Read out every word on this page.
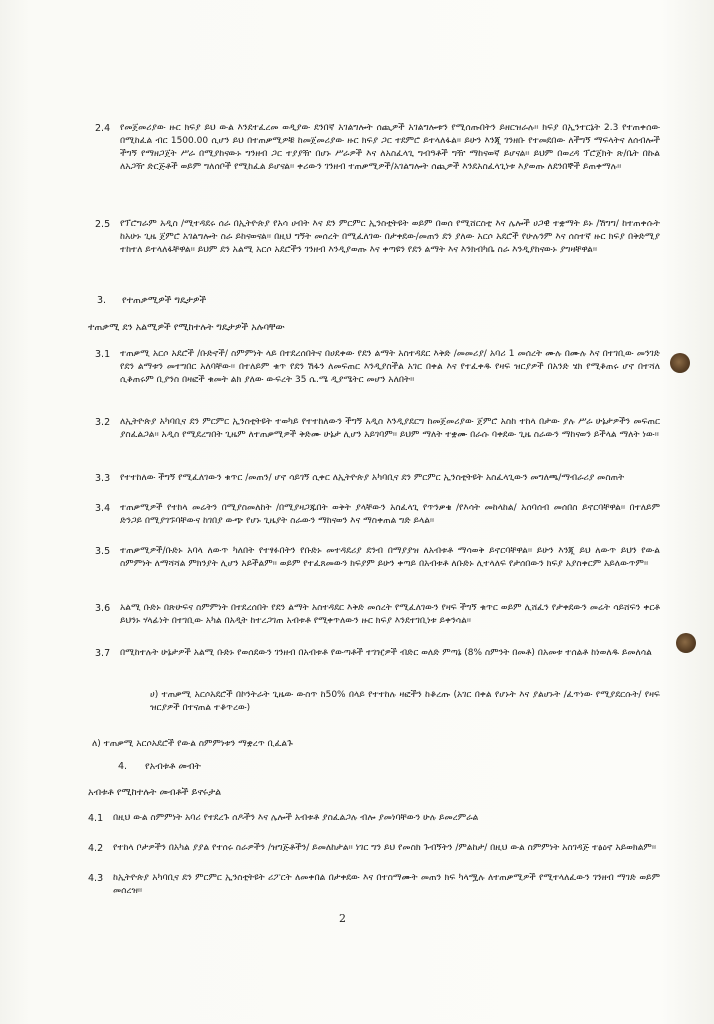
2.4 የመጀመሪያው ዙር ክፍያ ይህ ውል እንደተፈረመ ወዲያው ደንበኛ አገልግሎት ሰጪዎች አገልግሎቱን የሚሰጡበትን ይዘርዝራሉ፡፡ ክፍያ በኢንተርኔት 2.3 የተጠቀሰው በሚከፈል ብር 1500.00 ሲሆን ይህ በተጠቃሚዎቹ ከመጀመሪያው ዙር ክፍያ ጋር ተደምሮ ይተላለፋል፡፡ ይሁን እንጂ ገንዘቡ የተመደበው ለችግኝ ማፍላትና ለሰብሎች ችግኝ የማዘጋጀት ሥራ በሚያከናውኑ ግንዘብ ጋር ተያያዥ በሆኑ ሥራዎች እና ለአስፈላጊ ግብዓቶች ግዥ ማከናወኛ ይሆናል፡፡ ይህም በወረዳ ፕሮጀክት ጽ/ቤት በኩል ለአጋዥ ድርጅቶች ወይም ግለሰቦች የሚከፈል ይሆናል፡፡ ቀሪውን ገንዘብ ተጠቃሚዎች/አገልግሎት ሰጪዎች እንደአስፈላጊነቱ እያወጡ ለደንበኞች ይጠቀማሉ፡፡
2.5 የፕሮግራም አዲስ /ሚተዳደሩ ሰራ በኢትዮጵያ የአሳ ሀብት እና ደን ምርምር ኢንስቲትዩት ወይም በወሰ የሚሸርስቲ እና ሌሎች ሀጋዊ ተቋማት ይኑ /ሽግግ/ ከተጠቀሱት ከአሁኑ ጊዜ ጀምሮ አገልግሎት ስራ ይከናወናል፡፡ በዚህ ግኝት መሰረት በሚፈለገው በታቀደው/መጠን ደን ያለው አርሶ አደሮች የሁሉንም እና ሰስተኛ ዙር ክፍያ በቅድሚያ ተከተለ ይተላለፋቸዋል፡፡ ይህም ደን አልሚ አርሶ አደሮችን ገንዘብ እንዲያወጡ እና ቀጣዩን የደን ልማት እና እንክብካቤ ስራ እንዲያከናውኑ ያግዛቸዋል፡፡
3. የተጠቃሚዎች ግዴታዎች
ተጠቃሚ ደን አልሚዎች የሚከተሉት ግዴታዎች አሉባቸው
3.1 ተጠቃሚ አርሶ አደሮች /ቡድኖች/ ስምምነት ላይ በተደረሰበትና በሀደቀው የደን ልማት አስተዳደር እቅድ /መመሪያ/ አባሪ 1 መሰረት ሙሉ በሙሉ እና በተገቢው መንገድ የደን ልማቱን መተግበር አለባቸው፡፡ በተለይም ቁጥ የደን ሽፋን ለመፍጠር እንዲያስችል አገር በቀል እና የተፈቀዱ የዛፍ ዝርያዎች በአንድ ሄክ የሚቆጠሩ ሆኖ በተሻለ ሲቆጠሩም ቢያንስ በዛፎች ቁመት ልክ ያለው ውፍረት 35 ሴ.ሜ ዲያሜትር መሆን አለበት፡፡
3.2 ለኢትዮጵያ አካባቢና ደን ምርምር ኢንስቲትዩት ተወካይ የተተከለውን ችግኝ አዲስ እንዲያደርግ ከመጀመሪያው ጀምሮ አስከ ተከላ በታው ያሉ ሥራ ሁኔታዎችን መፍጠር ያስፈልጋል፡፡ አዲስ የሚደረግበት ጊዜም ለተጠቃሚዎች ቅድሙ ሁኔታ ሊሆን አይገባም፡፡ ይህም ማለት ተቋሙ በራሱ ባቀደው ጊዜ ስራውን ማከናወን ይችላል ማለት ነው፡፡
3.3 የተተከለው ችግኝ የሚፈለገውን ቁጥር /መጠን/ ሆኖ ሳይገኝ ሲቀር ለኢትዮጵያ አካባቢና ደን ምርምር ኢንስቲትዩት አስፈላጊውን መግለጫ/ማብራሪያ መስጠት
3.4 ተጠቃሚዎች የተከላ መሬትን በሚያስመለከት /በሚያዛጋጁበት ወቅት ያላቸውን አስፈላጊ የጥንቃቄ /የእሳት መከላከል/ አሰባሰብ መሰበስ ይኖርባቸዋል፡፡ በተለይም ድንጋይ በሚያገኙባቸውና ከገበያ ውጭ የሆኑ ጊዜያት ስራውን ማከናወን እና ማስቀጠል ግድ ይላል፡፡
3.5 ተጠቃሚዎች/ቡድኑ አባላ ለውጥ ካለበት የተፃፉበትን የቡድኑ መተዳደሪያ ደንብ በማያያዝ ለአብቱቶ ማሳወቅ ይኖርባቸዋል፡፡ ይሁን እንጂ ይህ ለውጥ ይህን የውል ስምምነት ለማሻሻል ምክንያት ሊሆን አይችልም፡፡ ወይም የተፈጸመውን ክፍያም ይሁን ቀጣይ በአብቱቶ ለቡድኑ ሊተላለፍ የታሰበውን ክፍያ አያስቀርም አይለውጥም፡፡
3.6 አልሚ ቡድኑ በጽሁፍና ስምምነት በተደረሰበት የደን ልማት አስተዳደር እቅድ መሰረት የሚፈለገውን የዛፍ ችግኝ ቁጥር ወይም ሊሸፈን የታቀደውን መሬት ሳይሸፍን ቀርቶ ይህንኑ ሃላፊነት በተገቢው አካል በአዲት ከተረጋገጠ አብቱቶ የሚቀጥለውን ዙር ክፍያ እንደተገቢነቱ ይቀንሳል፡፡
3.7 በሚከተሉት ሁኔታዎች አልሚ ቡድኑ የወሰደውን ገንዘብ በአብቱቶ የውጣቶች ተገዢዎች ብድር ወለድ ምጣኔ (8% ስምንት በመቶ) በአመቱ ተሰልቶ ከነወለዱ ይመለሳል
ሀ) ተጠቃሚ አርሶአደሮች በኮንትራት ጊዜው ውስጥ ከ50% በላይ የተተከሉ ዛፎችን ከቆረጡ (አገር በቀል የሆኑት እና ያልሆኑት /ፈጥነው የሚያደርሱት/ የዛፍ ዝርያዎች በተናጠል ተቆጥረው)
ለ) ተጠቃሚ አርሶአደሮች የውል ስምምነቱን ማቋረጥ ቢፈልጉ
4. የአብቱቶ መብት
አብቱቶ የሚከተሉት መብቶች ይኖሩታል
4.1 በዚህ ውል ስምምነት አባሪ የተደረጉ ሰዶችን እና ሌሎች አብቱቶ ያስፈልጋሉ ብሎ ያመነባቸውን ሁሉ ይመረምራል
4.2 የተከላ ቦታዎችን በአካል ያያል የተሰሩ ስራዎችን /ዝግጅቶችን/ ይመለከታል፡፡ ነገር ግን ይህ የመስክ ጉብኝትን /ምልከታ/ በዚህ ውል ስምምነት አስገዳጅ ተፅዕኖ አይወክልም፡፡
4.3 ከኢትዮጵያ አካባቢና ደን ምርምር ኢንስቲትዩት ሪፖርት ለመቀበል በታቀደው እና በተስማሙት መጠን ክፍ ካላሟሉ ለተጠቃሚዎች የሚተላለፈውን ገንዘብ ማገድ ወይም መሰረዝ፡፡
2
